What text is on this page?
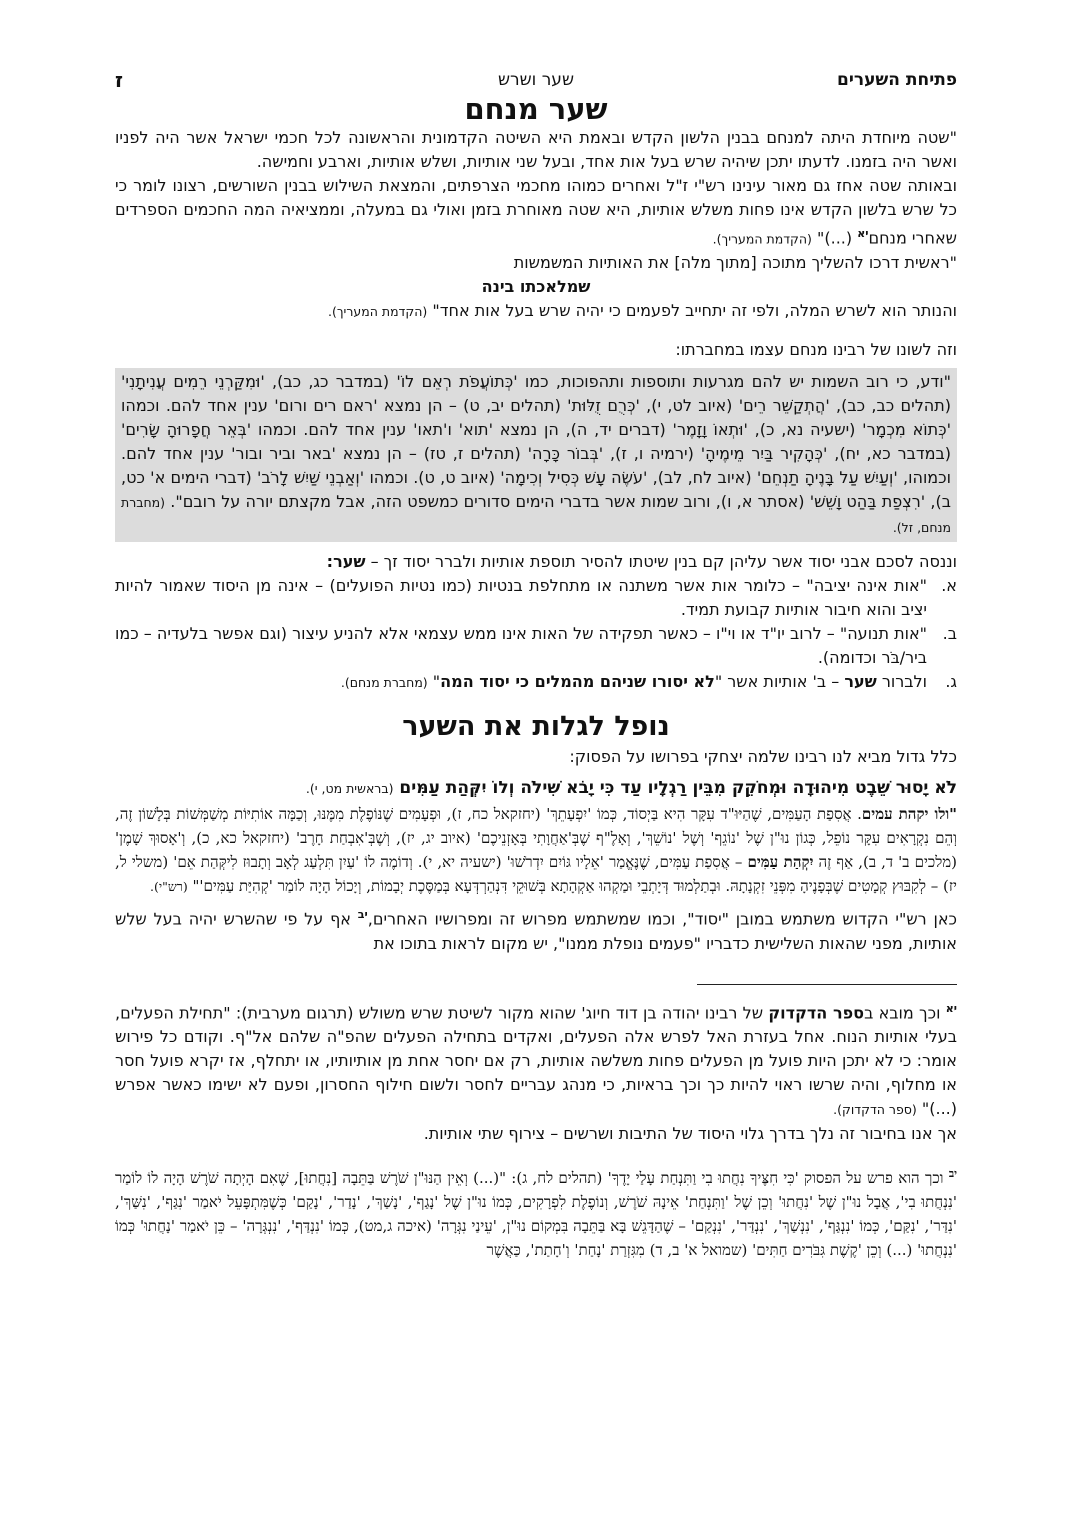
פתיחת השערים
שער ושרש
ז
שער מנחם

"שטה מיוחדת היתה למנחם בבנין הלשון הקדש ובאמת היא השיטה הקדמונית והראשונה לכל חכמי ישראל אשר היה לפניו ואשר היה בזמנו. לדעתו יתכן שיהיה שרש בעל אות אחד, ובעל שני אותיות, ושלש אותיות, וארבע וחמישה.

ובאותה שטה אחז גם מאור עינינו רש"י ז"ל ואחרים כמוהו מחכמי הצרפתים, והמצאת השילוש בבנין השורשים, רצונו לומר כי כל שרש בלשון הקדש אינו פחות משלש אותיות, היא שטה מאוחרת בזמן ואולי גם במעלה, וממציאיה המה החכמים הספרדים שאחרי מנחם$^{יא}$ (...)" (הקדמת המעריך).

"ראשית דרכו להשליך מתוכה [מתוך מלה] את האותיות המשמשות

שמלאכתו בינה

והנותר הוא לשרש המלה, ולפי זה יתחייב לפעמים כי יהיה שרש בעל אות אחד" (הקדמת המעריך).

וזה לשונו של רבינו מנחם עצמו במחברתו:

"ודע, כי רוב השמות יש להם מגרעות ותוספות ותהפוכות, כמו 'כְּתוֹעֲפֹת רְאֵם לוֹ' (במדבר כג, כב), 'וּמִקַּרְנֵי רֵמִים עֲנִיתָנִי' (תהלים כב, כב), 'הֲתְקַשֵּׁר רֵים' (איוב לט, י), 'כְּרֻם זֻלּוּת' (תהלים יב, ט) – הן נמצא 'ראם רים ורום' ענין אחד להם. וכמהו 'כְּתוֹא מִכְמָר' (ישעיה נא, כ), 'וּתְאוֹ וָזָמֶר' (דברים יד, ה), הן נמצא 'תוא' ו'תאו' ענין אחד להם. וכמהו 'בְּאֵר חֲפָרוּהָ שָׂרִים' (במדבר כא, יח), 'כְּהָקִיר בַּיִר מֵימֶיהָ' (ירמיה ו, ז), 'בְּבוֹר כָּרָה' (תהלים ז, טז) – הן נמצא 'באר וביר ובור' ענין אחד להם. וכמוהו, 'וְעַיִשׁ עַל בָּנֶיהָ תַנְחֵם' (איוב לח, לב), 'עֹשֶׂה עָשׁ כְּסִיל וְכִימָה' (איוב ט, ט). וכמהו 'וְאַבְנֵי שַׁיִשׁ לָרֹב' (דברי הימים א' כט, ב), 'רִצְפַת בַּהַט וָשֵׁשׁ' (אסתר א, ו), ורוב שמות אשר בדברי הימים סדורים כמשפט הזה, אבל מקצתם יורה על רובם". (מחברת מנחם, זל).

וננסה לסכם אבני יסוד אשר עליהן קם בנין שיטתו להסיר תוספת אותיות ולברר יסוד זך – שער:

א.
"אות אינה יציבה" – כלומר אות אשר משתנה או מתחלפת בנטיות (כמו נטיות הפועלים) – אינה מן היסוד שאמור להיות יציב והוא חיבור אותיות קבועת תמיד.
ב.
"אות תנועה" – לרוב יו"ד או וי"ו – כאשר תפקידה של האות אינו ממש עצמאי אלא להניע עיצור (וגם אפשר בלעדיה – כמו ביר/בֹּר וכדומה).
ג.
ולברור שער – ב' אותיות אשר "לא יסורו שניהם מהמלים כי יסוד המה" (מחברת מנחם).
נופל לגלות את השער

כלל גדול מביא לנו רבינו שלמה יצחקי בפרושו על הפסוק:

לֹא יָסוּר שֵׁבֶט מִיהוּדָה וּמְחֹקֵק מִבֵּין רַגְלָיו עַד כִּי יָבֹא שִׁילֹה וְלוֹ יִקְּהַת עַמִּים (בראשית מט, י).

"ולו יקהת עמים. אֲסִפַת הָעַמִּים, שֶׁהַיּוּ"ד עִקָּר הִיא בַּיְסוֹד, כְּמוֹ 'יִפְעָתֵךְ' (יחזקאל כח, ז), וּפְעָמִים שֶׁנּוֹפֶלֶת מִמֶּנּוּ, וְכַמָּה אוֹתִיּוֹת מְשַׁמְּשׁוֹת בְּלָשׁוֹן זֶה, וְהֵם נִקְרָאִים עִקָּר נוֹפֵל, כְּגוֹן נוּ"ן שֶׁל 'נוֹגֵף' וְשֶׁל 'נוֹשֵׁךְ', וְאָלֶ"ף שֶׁבְּ'אַחֲוָתִי בְּאָזְנֵיכֶם' (איוב יג, יז), וְשֶׁבְּ'אִבְחַת חָרֶב' (יחזקאל כא, כ), וְ'אָסוּךְ שָׁמֶן' (מלכים ב' ד, ב), אַף זֶה יִקְהַת עַמִּים – אֲסִפַת עַמִּים, שֶׁנֶּאֱמַר 'אֵלָיו גּוֹיִם יִדְרֹשׁוּ' (ישעיה יא, י). וְדוֹמֶה לוֹ 'עַיִן תִּלְעַג לְאָב וְתָבוּז לִיקְּהַת אֵם' (משלי ל, יז) – לְקִבּוּץ קְמָטִים שֶׁבְּפָנֶיהָ מִפְּנֵי זִקְנָתָהּ. וּבְתַלְמוּד דְּיָתְבֵי וּמַקְהוּ אַקְהָתָא בְּשׁוּקֵי דִּנְהַרְדְּעָא בְּמַסֶּכֶת יְבָמוֹת, וְיָכוֹל הָיָה לוֹמַר 'קְהִיַּת עַמִּים'" (רש"י).

כאן רש"י הקדוש משתמש במובן "יסוד", וכמו שמשתמש מפרוש זה ומפרושיו האחרים,$^{יב}$ אף על פי שהשרש יהיה בעל שלש אותיות, מפני שהאות השלישית כדבריו "פעמים נופלת ממנו", יש מקום לראות בתוכו את

$^{יא}$ וכך מובא בספר הדקדוק של רבינו יהודה בן דוד חיוג' שהוא מקור לשיטת שרש משולש (תרגום מערבית): "תחילת הפעלים, בעלי אותיות הנוח. אחל בעזרת האל לפרש אלה הפעלים, ואקדים בתחילה הפעלים שהפ"ה שלהם אל"ף. וקודם כל פירוש אומר: כי לא יתכן היות פועל מן הפעלים פחות משלשה אותיות, רק אם יחסר אחת מן אותיותיו, או יתחלף, אז יקרא פועל חסר או מחלוף, והיה שרשו ראוי להיות כך וכך בראיות, כי מנהג עבריים לחסר ולשום חילוף החסרון, ופעם לא ישימו כאשר אפרש (...)" (ספר הדקדוק).
אך אנו בחיבור זה נלך בדרך גלוי היסוד של התיבות ושרשים – צירוף שתי אותיות.
$^{יב}$ וכך הוא פרש על הפסוק 'כִּי חִצֶּיךָ נִחֲתוּ בִי וַתִּנְחַת עָלַי יָדֶךָ' (תהלים לח, ג): "(...) וְאֵין הַנּוּ"ן שֹׁרֶשׁ בַּתֵּבָה [נִחֲתוּ], שֶׁאִם הָיְתָה שֹׁרֶשׁ הָיָה לוֹ לוֹמַר 'נִנְחֲתוּ בִי', אֲבָל נוּ"ן שֶׁל 'נִחֲתוּ' וְכֵן שֶׁל 'וַתִּנְחַת' אֵינָהּ שֹׁרֶשׁ, וְנוֹפֶלֶת לִפְרָקִים, כְּמוֹ נוּ"ן שֶׁל 'נָגַף', 'נָשַׁךְ', 'נָדַר', 'נָקַם' כְּשֶׁמִּתְפָּעֵל יֹאמַר 'נִגַּף', 'נִשַּׁךְ', 'נִדַּר', 'נִקַּם', כְּמוֹ 'נִנְגַּף', 'נִנְשַׁךְ', 'נִנְדַּר', 'נִנְקַם' – שֶׁהַדָּגֵשׁ בָּא בַּתֵּבָה בִּמְקוֹם נוּ"ן, 'עֵינַי נִגְּרָה' (איכה ג,מט), כְּמוֹ 'נִנְדַּף', 'נִנְגְּרָה' – כֵּן יֹאמַר 'נָחֲתוּ' כְּמוֹ 'נִנְחֲתוּ' (...) וְכֵן 'קֶשֶׁת גִּבֹּרִים חַתִּים' (שמואל א' ב, ד) מִגִּזְרַת 'נָחַת' וְ'חָתַת', כַּאֲשֶׁר
